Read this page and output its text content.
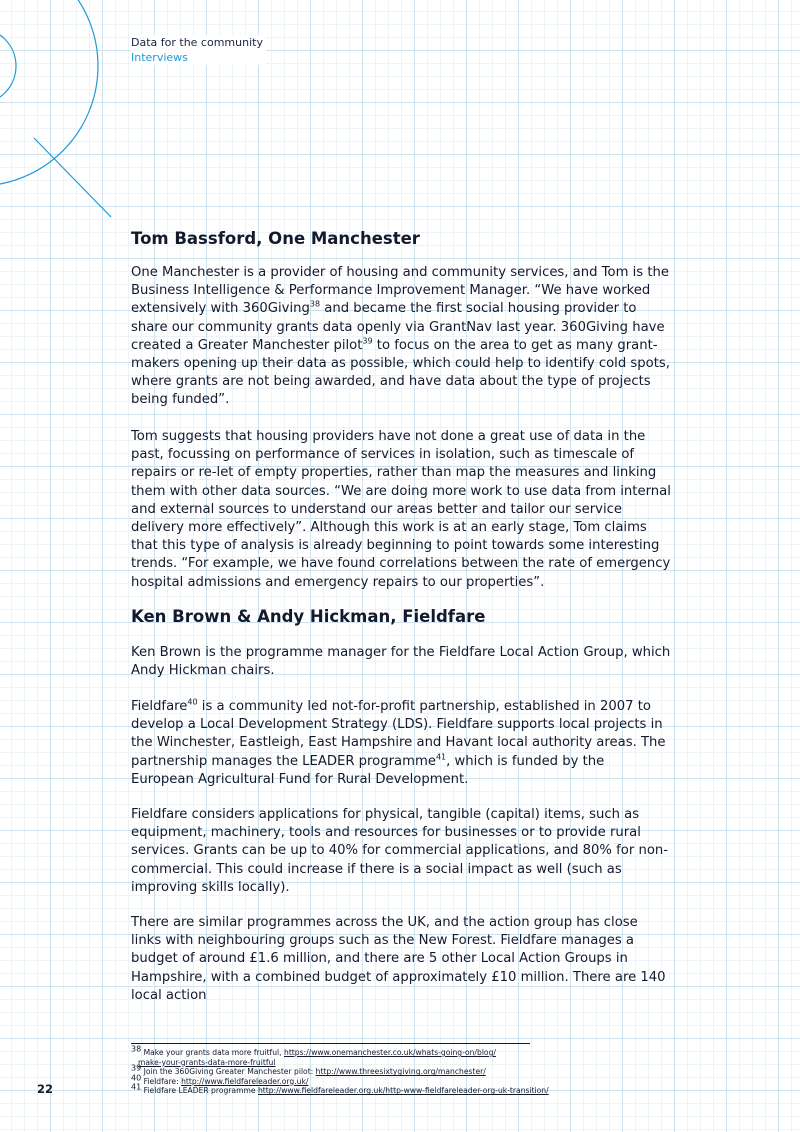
Data for the community
Interviews
Tom Bassford, One Manchester

One Manchester is a provider of housing and community services, and Tom is the Business Intelligence & Performance Improvement Manager. “We have worked extensively with 360Giving$^{38}$ and became the first social housing provider to share our community grants data openly via GrantNav last year. 360Giving have created a Greater Manchester pilot$^{39}$ to focus on the area to get as many grant-makers opening up their data as possible, which could help to identify cold spots, where grants are not being awarded, and have data about the type of projects being funded”.

Tom suggests that housing providers have not done a great use of data in the past, focussing on performance of services in isolation, such as timescale of repairs or re-let of empty properties, rather than map the measures and linking them with other data sources. “We are doing more work to use data from internal and external sources to understand our areas better and tailor our service delivery more effectively”. Although this work is at an early stage, Tom claims that this type of analysis is already beginning to point towards some interesting trends. “For example, we have found correlations between the rate of emergency hospital admissions and emergency repairs to our properties”.

Ken Brown & Andy Hickman, Fieldfare

Ken Brown is the programme manager for the Fieldfare Local Action Group, which Andy Hickman chairs.

Fieldfare$^{40}$ is a community led not-for-profit partnership, established in 2007 to develop a Local Development Strategy (LDS). Fieldfare supports local projects in the Winchester, Eastleigh, East Hampshire and Havant local authority areas. The partnership manages the LEADER programme$^{41}$, which is funded by the European Agricultural Fund for Rural Development.

Fieldfare considers applications for physical, tangible (capital) items, such as equipment, machinery, tools and resources for businesses or to provide rural services. Grants can be up to 40% for commercial applications, and 80% for non-commercial. This could increase if there is a social impact as well (such as improving skills locally).

There are similar programmes across the UK, and the action group has close links with neighbouring groups such as the New Forest. Fieldfare manages a budget of around £1.6 million, and there are 5 other Local Action Groups in Hampshire, with a combined budget of approximately £10 million. There are 140 local action

$^{38}$ Make your grants data more fruitful, https://www.onemanchester.co.uk/whats-going-on/blog/
make-your-grants-data-more-fruitful
$^{39}$ Join the 360Giving Greater Manchester pilot: http://www.threesixtygiving.org/manchester/
$^{40}$ Fieldfare: http://www.fieldfareleader.org.uk/
$^{41}$ Fieldfare LEADER programme http://www.fieldfareleader.org.uk/http-www-fieldfareleader-org-uk-transition/
22
